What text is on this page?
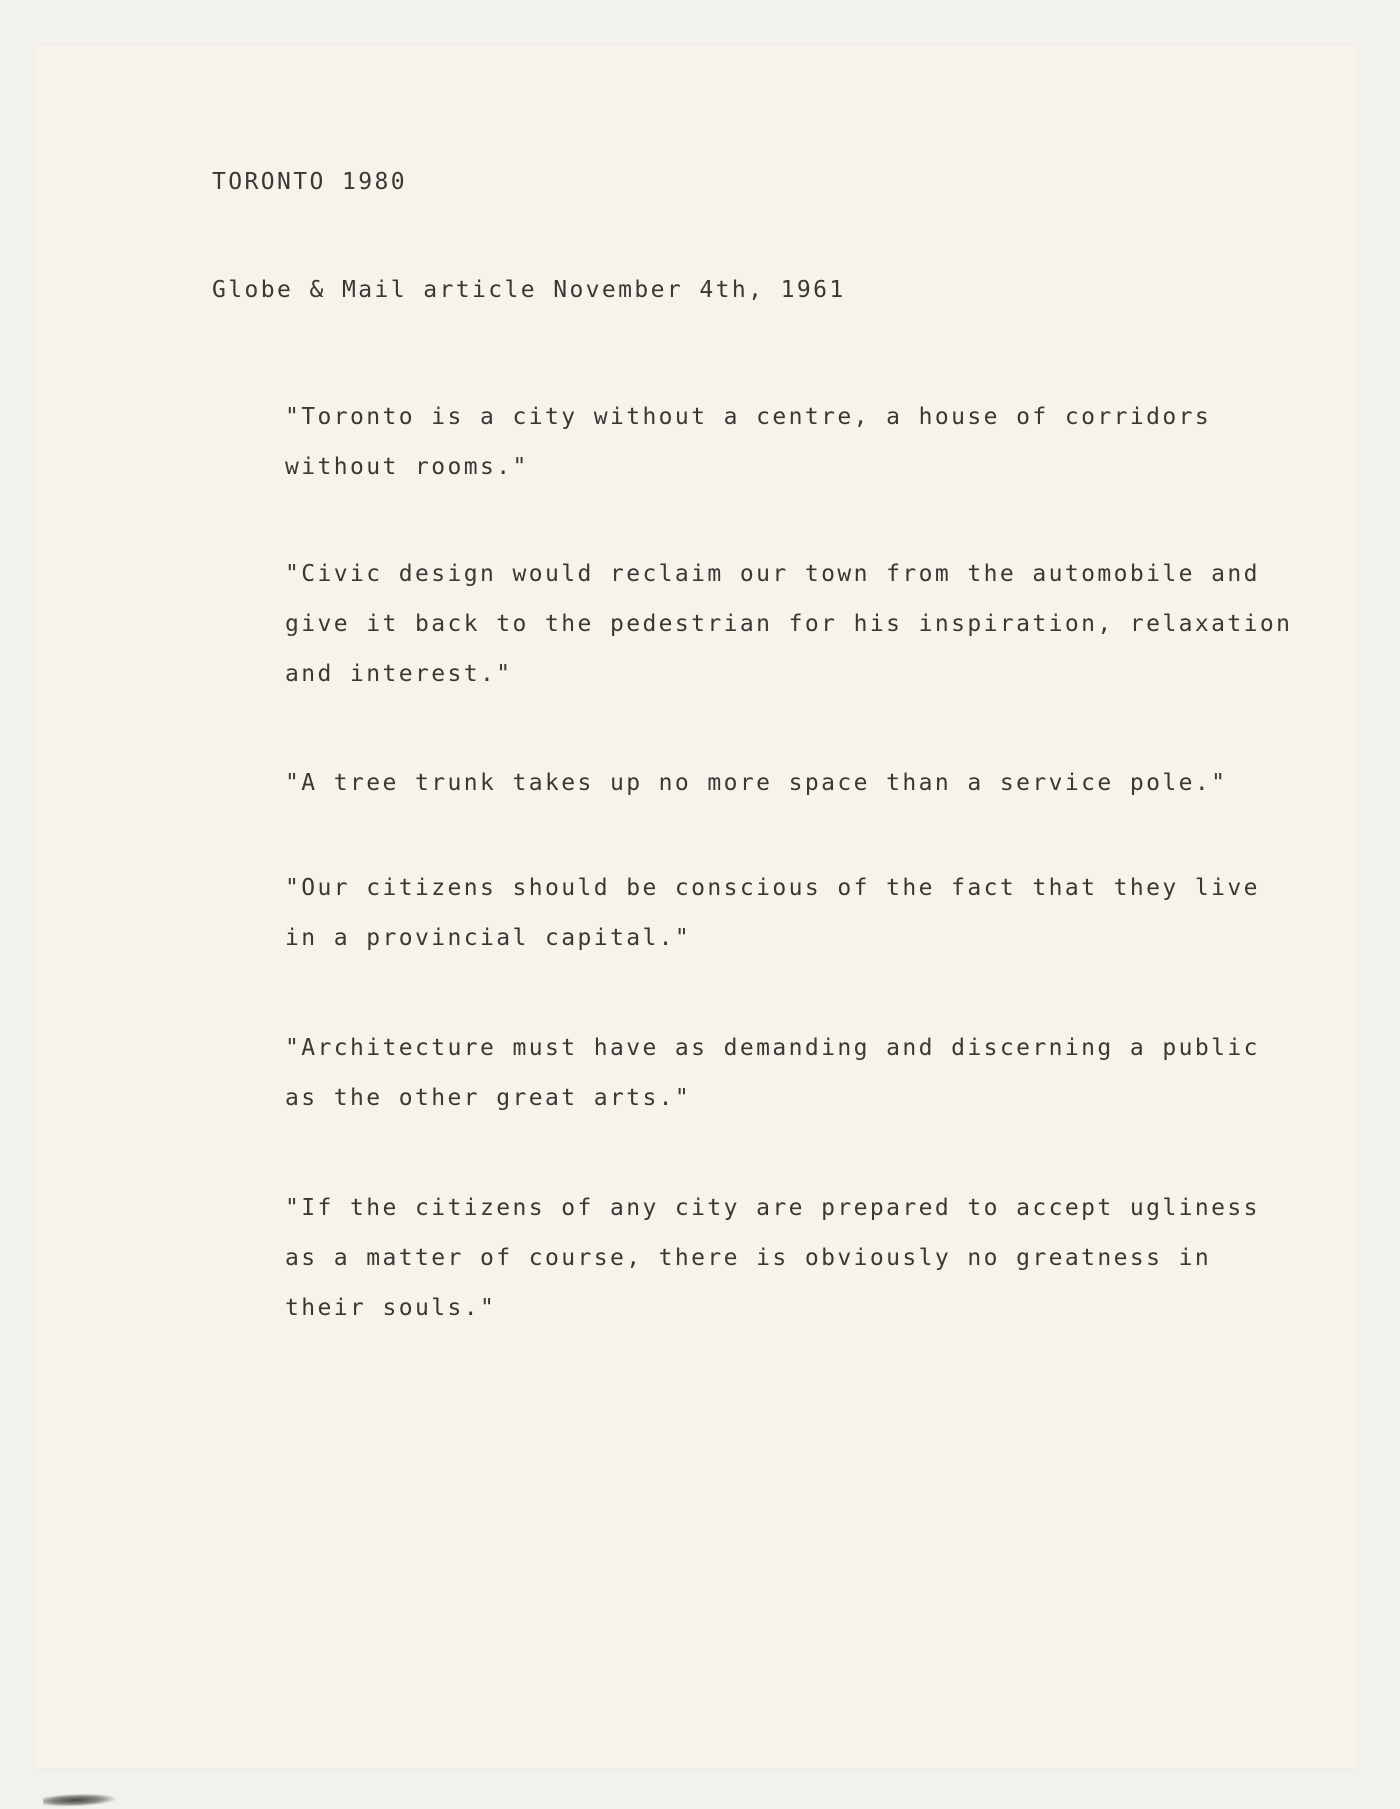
TORONTO 1980

Globe & Mail article November 4th, 1961

"Toronto is a city without a centre, a house of corridors
without rooms."
"Civic design would reclaim our town from the automobile and
give it back to the pedestrian for his inspiration, relaxation
and interest."
"A tree trunk takes up no more space than a service pole."
"Our citizens should be conscious of the fact that they live
in a provincial capital."
"Architecture must have as demanding and discerning a public
as the other great arts."
"If the citizens of any city are prepared to accept ugliness
as a matter of course, there is obviously no greatness in
their souls."
